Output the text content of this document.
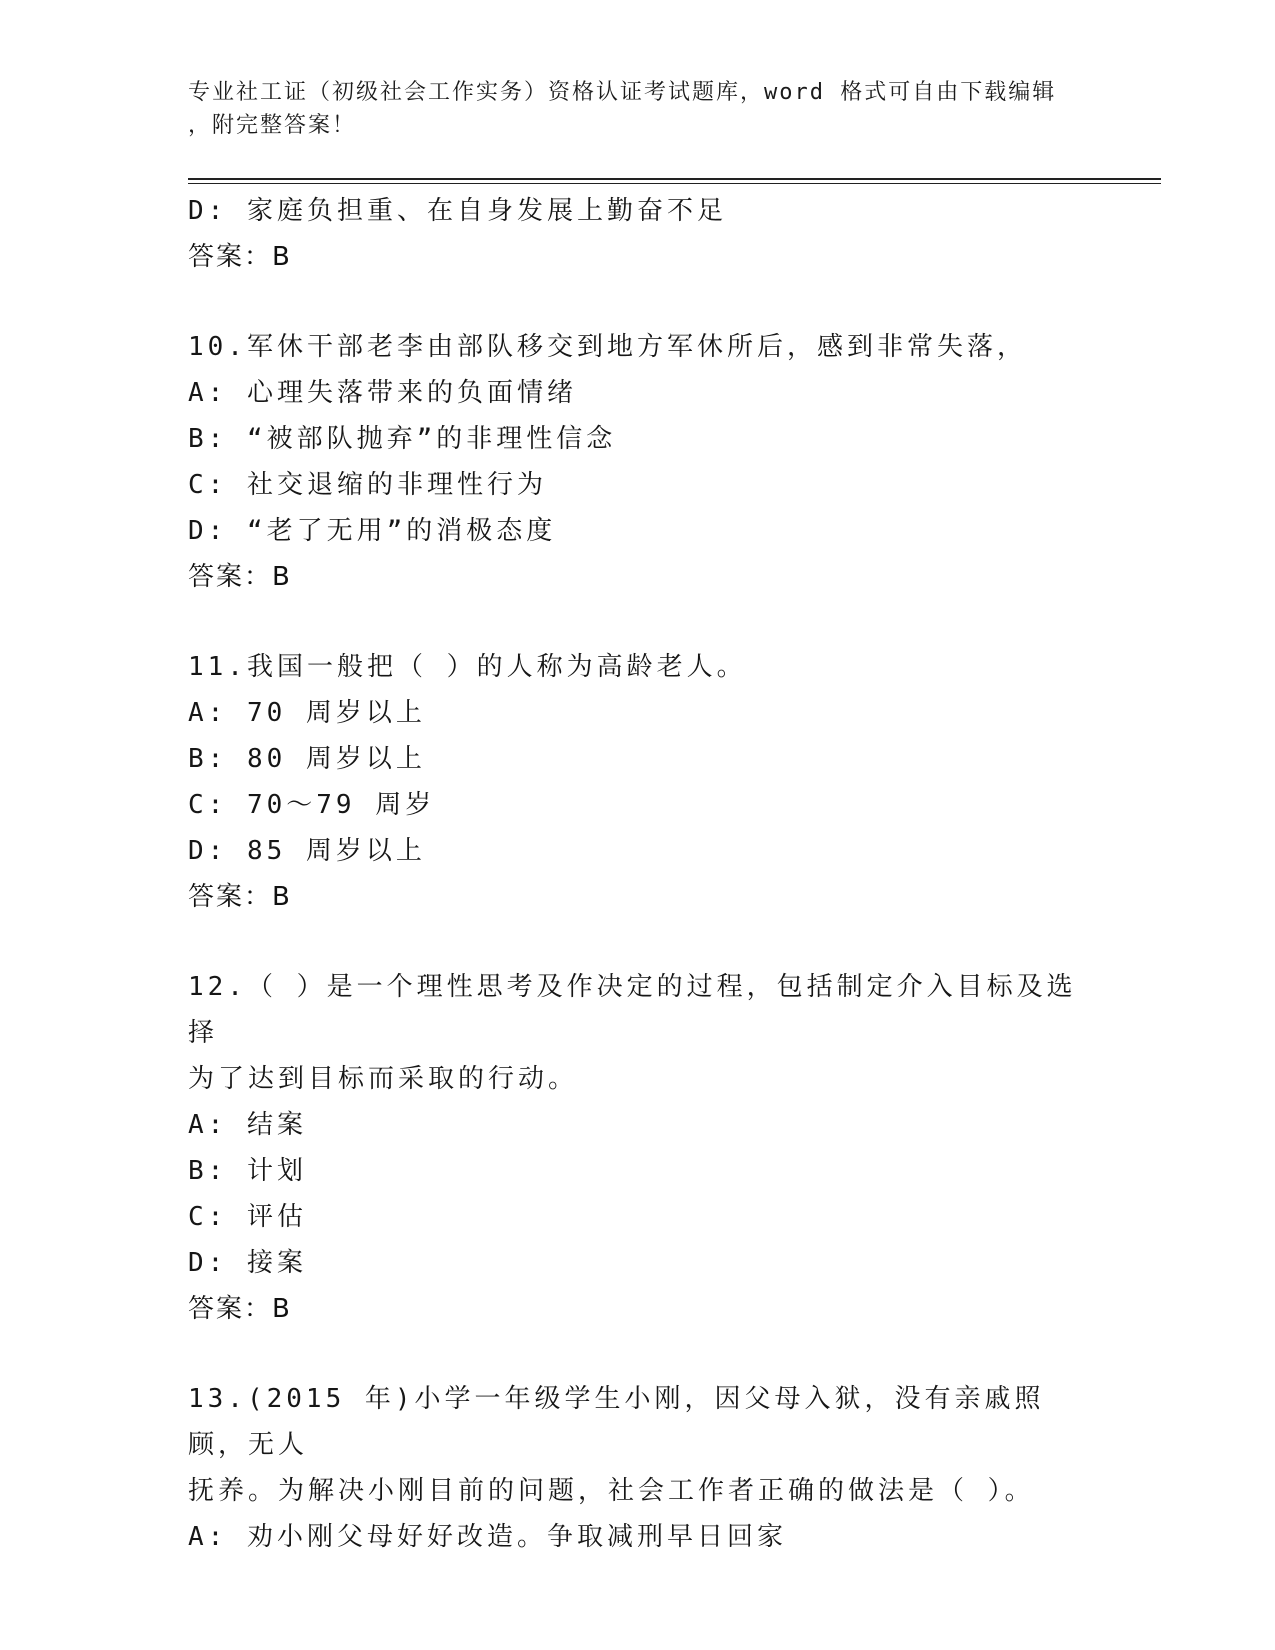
专业社工证（初级社会工作实务）资格认证考试题库，word 格式可自由下载编辑
，附完整答案！
D: 家庭负担重、在自身发展上勤奋不足
答案：B
10.军休干部老李由部队移交到地方军休所后，感到非常失落，
A: 心理失落带来的负面情绪
B: “被部队抛弃”的非理性信念
C: 社交退缩的非理性行为
D: “老了无用”的消极态度
答案：B
11.我国一般把（ ）的人称为高龄老人。
A: 70 周岁以上
B: 80 周岁以上
C: 70～79 周岁
D: 85 周岁以上
答案：B
12.（ ）是一个理性思考及作决定的过程，包括制定介入目标及选择
为了达到目标而采取的行动。
A: 结案
B: 计划
C: 评估
D: 接案
答案：B
13.(2015 年)小学一年级学生小刚，因父母入狱，没有亲戚照顾，无人
抚养。为解决小刚目前的问题，社会工作者正确的做法是（ ）。
A: 劝小刚父母好好改造。争取减刑早日回家
